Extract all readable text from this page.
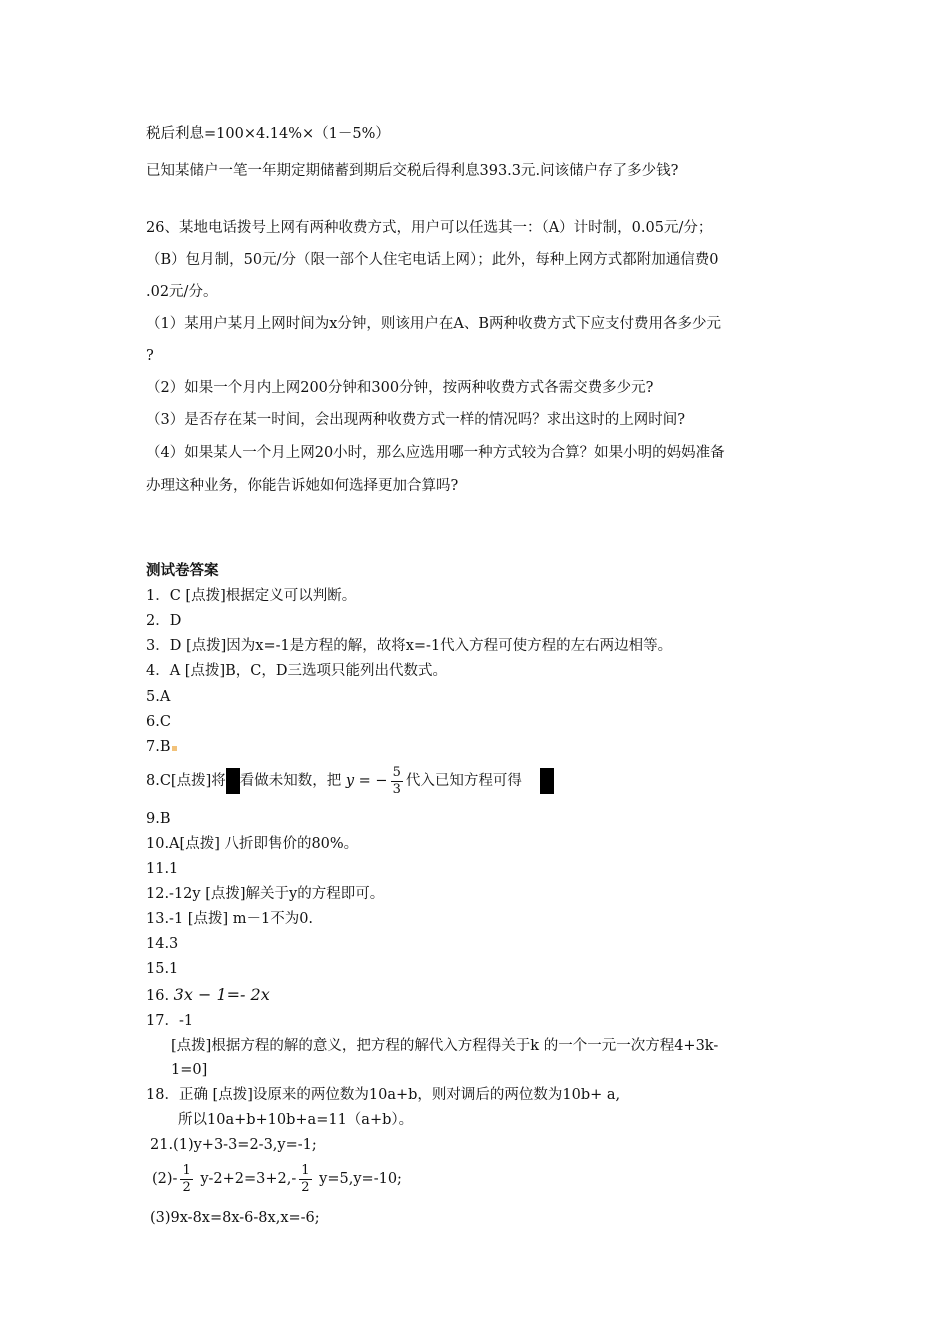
税后利息=100×4.14%×（1－5%）
已知某储户一笔一年期定期储蓄到期后交税后得利息393.3元.问该储户存了多少钱?
26、某地电话拨号上网有两种收费方式，用户可以任选其一：（A）计时制，0.05元/分；
（B）包月制，50元/分（限一部个人住宅电话上网）；此外，每种上网方式都附加通信费0
.02元/分。
（1）某用户某月上网时间为x分钟，则该用户在A、B两种收费方式下应支付费用各多少元
?
（2）如果一个月内上网200分钟和300分钟，按两种收费方式各需交费多少元?
（3）是否存在某一时间，会出现两种收费方式一样的情况吗？求出这时的上网时间?
（4）如果某人一个月上网20小时，那么应选用哪一种方式较为合算？如果小明的妈妈准备
办理这种业务，你能告诉她如何选择更加合算吗?
测试卷答案
1．C [点拨]根据定义可以判断。
2．D
3．D [点拨]因为x=-1是方程的解，故将x=-1代入方程可使方程的左右两边相等。
4．A [点拨]B，C，D三选项只能列出代数式。
5.A
6.C
7.B
8.C[点拨]将 看做未知数，把 y = − $\frac{5}{3}$ 代入已知方程可得
9.B
10.A[点拨] 八折即售价的80%。
11.1
12.-12y [点拨]解关于y的方程即可。
13.-1 [点拨] m－1不为0.
14.3
15.1
16. 3x − 1=- 2x
17．-1
[点拨]根据方程的解的意义，把方程的解代入方程得关于k 的一个一元一次方程4+3k-
1=0]
18．正确 [点拨]设原来的两位数为10a+b，则对调后的两位数为10b+ a,
所以10a+b+10b+a=11（a+b）。
21.(1)y+3-3=2-3,y=-1;
$(2)- \frac{1}{2} y-2+2=3+2,- \frac{1}{2} y=5,y=-10$;
(3)9x-8x=8x-6-8x,x=-6;
